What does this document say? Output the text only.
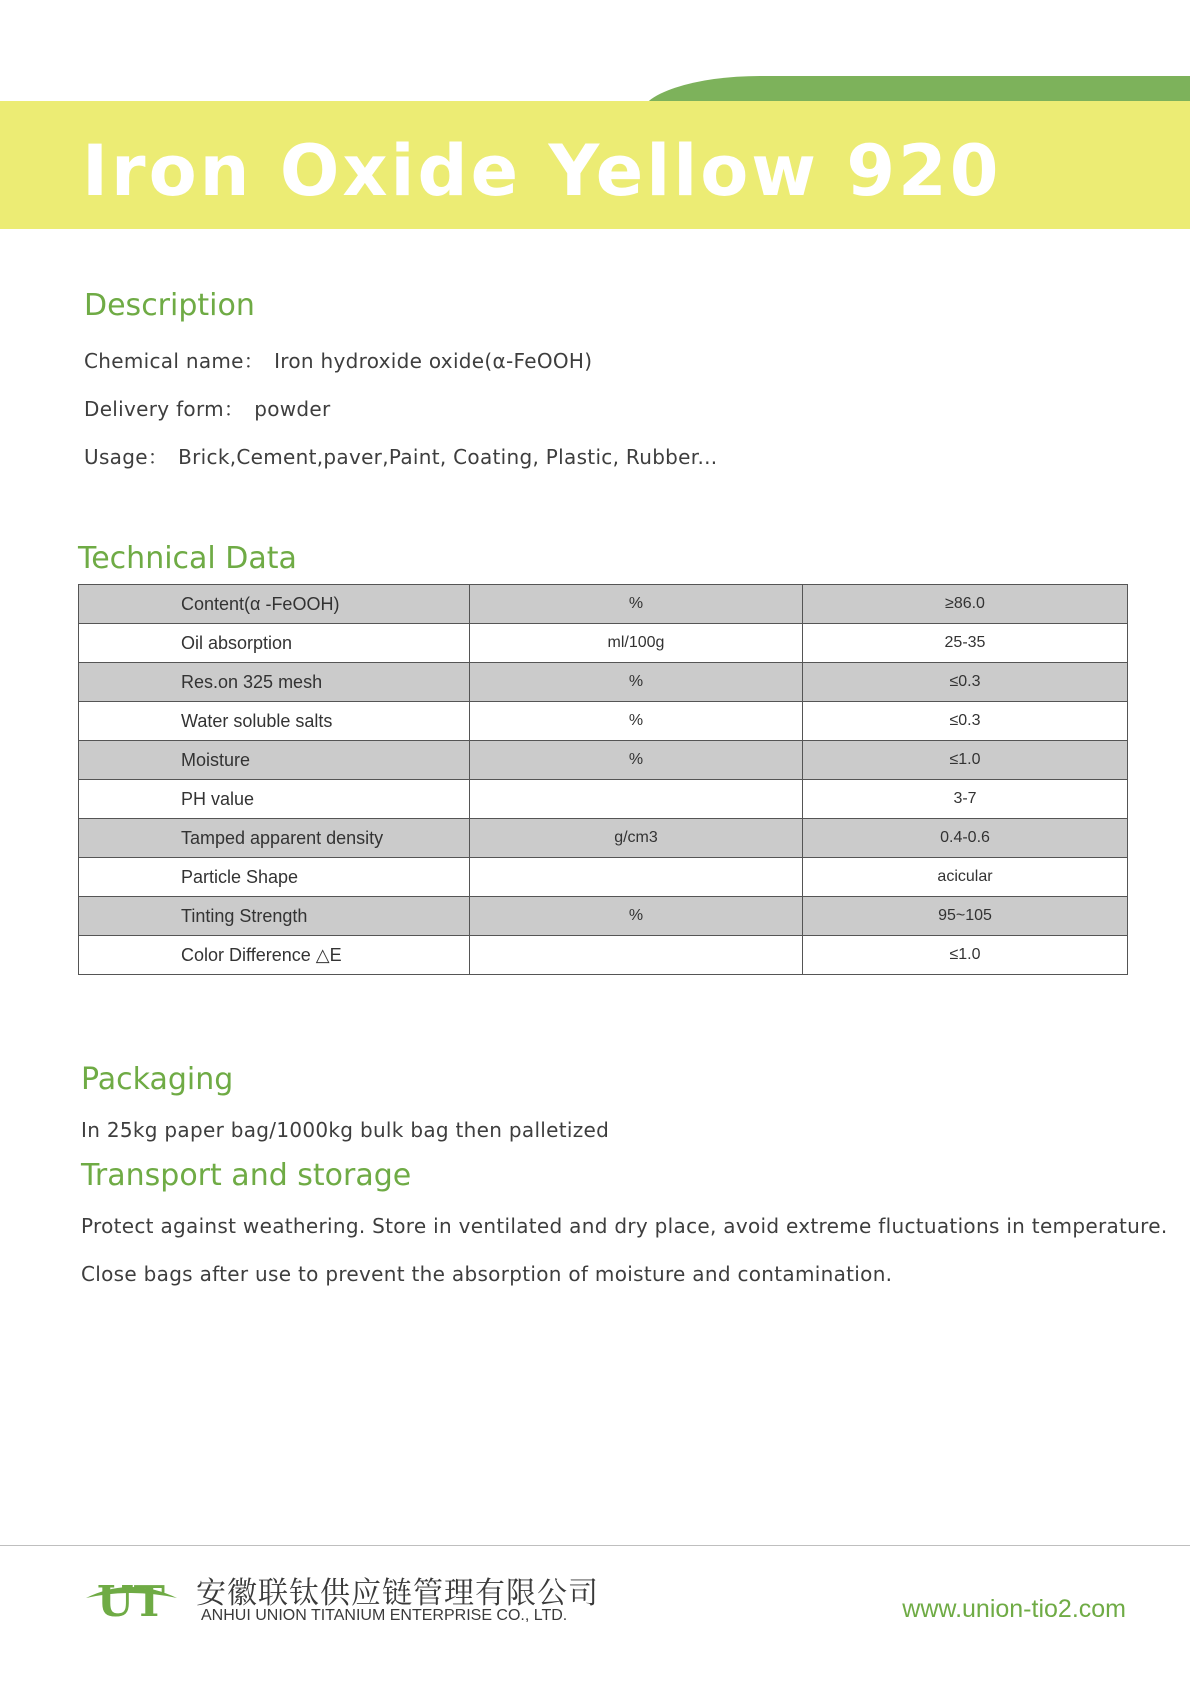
Iron Oxide Yellow 920
Description
Chemical name： Iron hydroxide oxide(α-FeOOH)
Delivery form： powder
Usage： Brick,Cement,paver,Paint, Coating, Plastic, Rubber...
Technical Data
Content(α -FeOOH)	%	≥86.0
Oil absorption	ml/100g	25-35
Res.on 325 mesh	%	≤0.3
Water soluble salts	%	≤0.3
Moisture	%	≤1.0
PH value		3-7
Tamped apparent density	g/cm3	0.4-0.6
Particle Shape		acicular
Tinting Strength	%	95~105
Color Difference △E		≤1.0
Packaging
In 25kg paper bag/1000kg bulk bag then palletized
Transport and storage
Protect against weathering. Store in ventilated and dry place, avoid extreme fluctuations in temperature.
Close bags after use to prevent the absorption of moisture and contamination.
UT 安徽联钛供应链管理有限公司
ANHUI UNION TITANIUM ENTERPRISE CO., LTD.	www.union-tio2.com
